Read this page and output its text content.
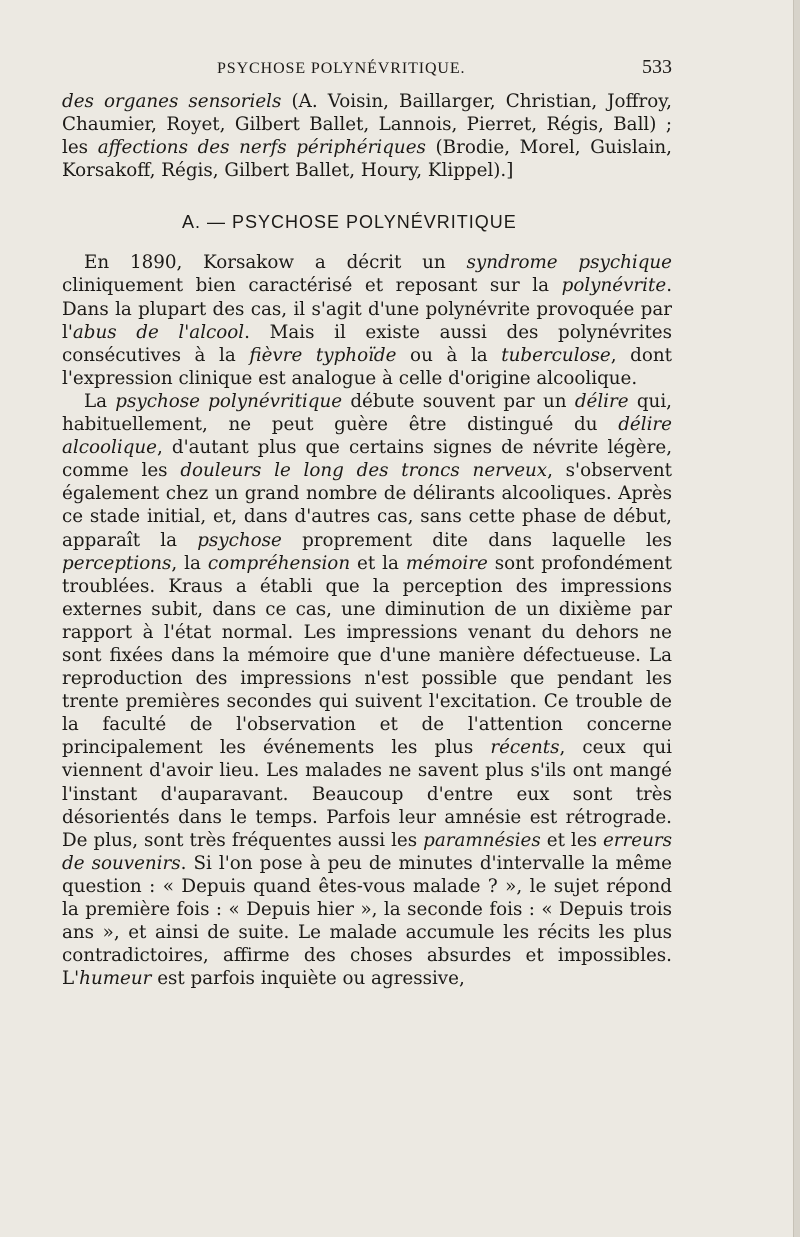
PSYCHOSE POLYNÉVRITIQUE.	533

des organes sensoriels (A. Voisin, Baillarger, Christian, Joffroy, Chaumier, Royet, Gilbert Ballet, Lannois, Pierret, Régis, Ball) ; les affections des nerfs périphériques (Brodie, Morel, Guislain, Korsakoff, Régis, Gilbert Ballet, Houry, Klippel).]

A. — PSYCHOSE POLYNÉVRITIQUE

En 1890, Korsakow a décrit un syndrome psychique cliniquement bien caractérisé et reposant sur la polynévrite. Dans la plupart des cas, il s'agit d'une polynévrite provoquée par l'abus de l'alcool. Mais il existe aussi des polynévrites consécutives à la fièvre typhoïde ou à la tuberculose, dont l'expression clinique est analogue à celle d'origine alcoolique.

La psychose polynévritique débute souvent par un délire qui, habituellement, ne peut guère être distingué du délire alcoolique, d'autant plus que certains signes de névrite légère, comme les douleurs le long des troncs nerveux, s'observent également chez un grand nombre de délirants alcooliques. Après ce stade initial, et, dans d'autres cas, sans cette phase de début, apparaît la psychose proprement dite dans laquelle les perceptions, la compréhension et la mémoire sont profondément troublées. Kraus a établi que la perception des impressions externes subit, dans ce cas, une diminution de un dixième par rapport à l'état normal. Les impressions venant du dehors ne sont fixées dans la mémoire que d'une manière défectueuse. La reproduction des impressions n'est possible que pendant les trente premières secondes qui suivent l'excitation. Ce trouble de la faculté de l'observation et de l'attention concerne principalement les événements les plus récents, ceux qui viennent d'avoir lieu. Les malades ne savent plus s'ils ont mangé l'instant d'auparavant. Beaucoup d'entre eux sont très désorientés dans le temps. Parfois leur amnésie est rétrograde. De plus, sont très fréquentes aussi les paramnésies et les erreurs de souvenirs. Si l'on pose à peu de minutes d'intervalle la même question : « Depuis quand êtes-vous malade ? », le sujet répond la première fois : « Depuis hier », la seconde fois : « Depuis trois ans », et ainsi de suite. Le malade accumule les récits les plus contradictoires, affirme des choses absurdes et impossibles. L'humeur est parfois inquiète ou agressive,
